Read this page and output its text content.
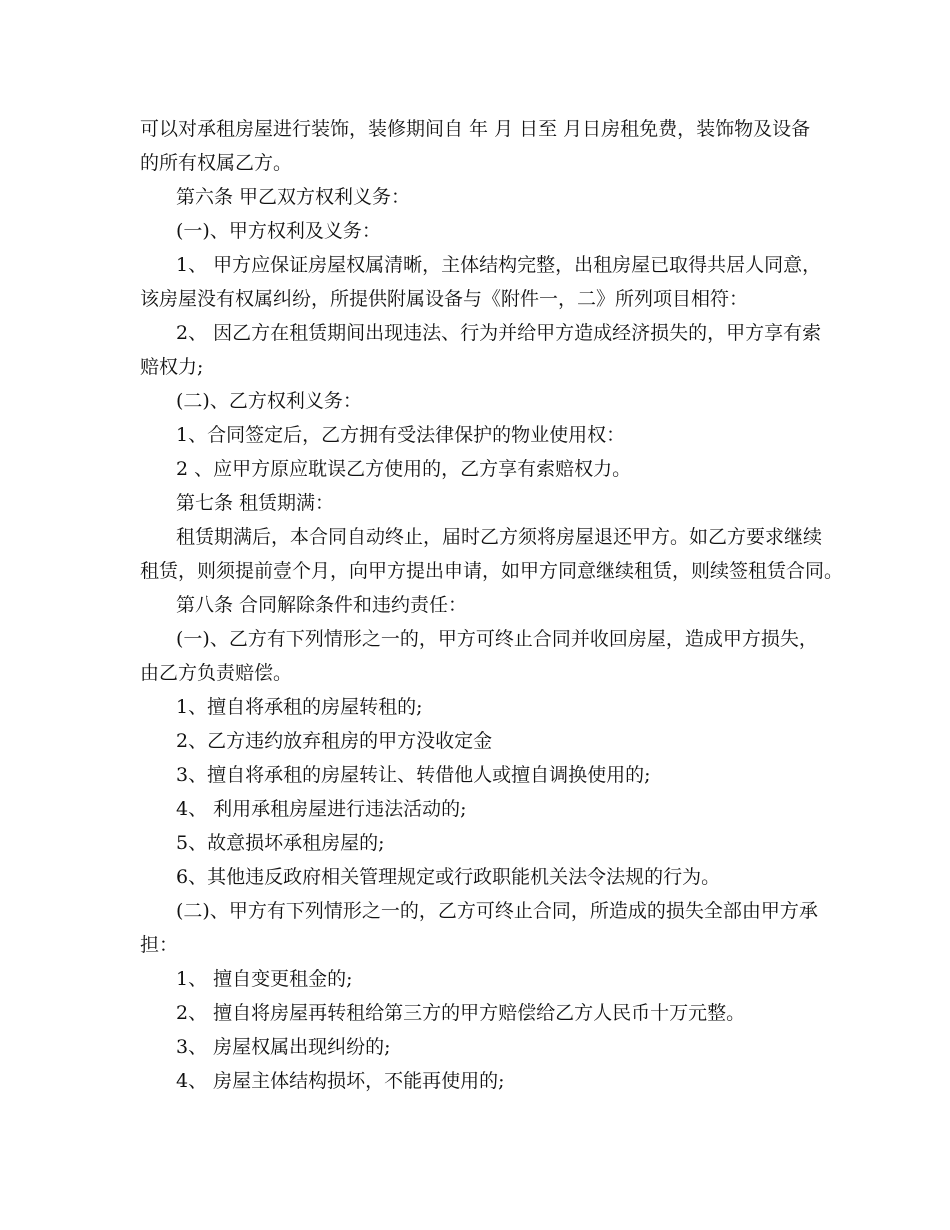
可以对承租房屋进行装饰，装修期间自 年 月 日至 月日房租免费，装饰物及设备
的所有权属乙方。
第六条 甲乙双方权利义务：
(一)、甲方权利及义务：
1、 甲方应保证房屋权属清晰，主体结构完整，出租房屋已取得共居人同意，
该房屋没有权属纠纷，所提供附属设备与《附件一，二》所列项目相符：
2、 因乙方在租赁期间出现违法、行为并给甲方造成经济损失的，甲方享有索
赔权力;
(二)、乙方权利义务：
1、合同签定后，乙方拥有受法律保护的物业使用权：
2 、应甲方原应耽误乙方使用的，乙方享有索赔权力。
第七条 租赁期满：
租赁期满后，本合同自动终止，届时乙方须将房屋退还甲方。如乙方要求继续
租赁，则须提前壹个月，向甲方提出申请，如甲方同意继续租赁，则续签租赁合同。
第八条 合同解除条件和违约责任：
(一)、乙方有下列情形之一的，甲方可终止合同并收回房屋，造成甲方损失，
由乙方负责赔偿。
1、擅自将承租的房屋转租的;
2、乙方违约放弃租房的甲方没收定金
3、擅自将承租的房屋转让、转借他人或擅自调换使用的;
4、 利用承租房屋进行违法活动的;
5、故意损坏承租房屋的;
6、其他违反政府相关管理规定或行政职能机关法令法规的行为。
(二)、甲方有下列情形之一的，乙方可终止合同，所造成的损失全部由甲方承
担：
1、 擅自变更租金的;
2、 擅自将房屋再转租给第三方的甲方赔偿给乙方人民币十万元整。
3、 房屋权属出现纠纷的;
4、 房屋主体结构损坏，不能再使用的;
